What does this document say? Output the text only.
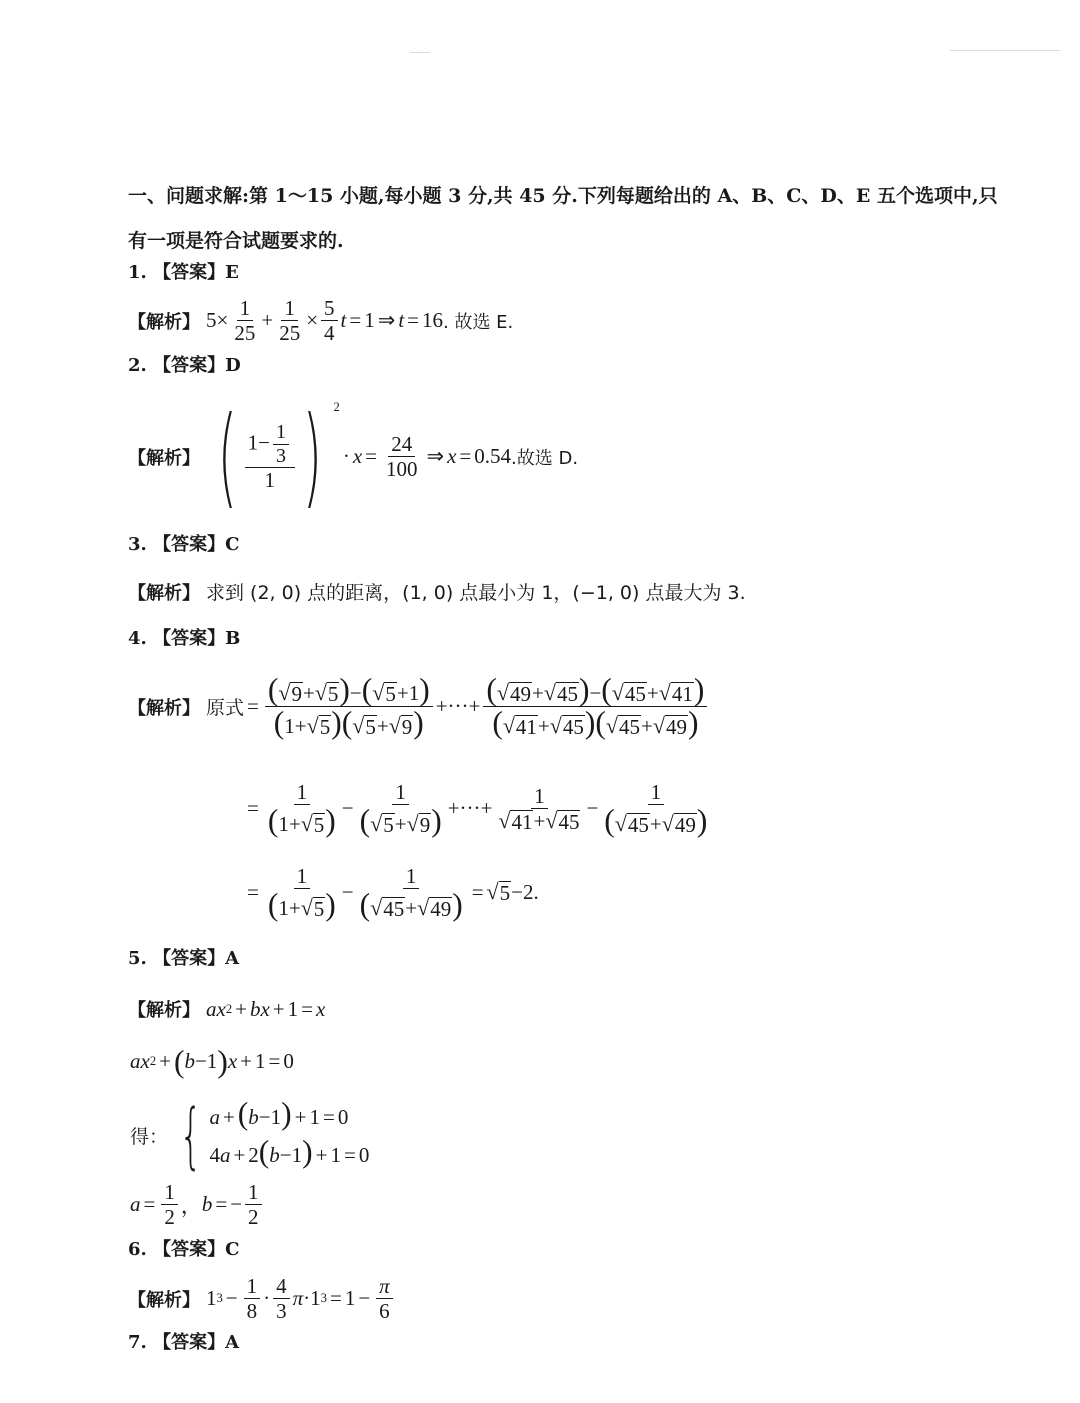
一、问题求解:第 1～15 小题,每小题 3 分,共 45 分.下列每题给出的 A、B、C、D、E 五个选项中,只
有一项是符合试题要求的.
1. 【答案】E
【解析】 $5\times \frac{1}{25} + \frac{1}{25} \times \frac{5}{4}$ t = 1 ⇒ t = 16 . 故选 E.
2. 【答案】D
【解析】 ( $\frac{1- \frac{1}{3}}{1}$ ) 2
· $x = \frac{24}{100}$ ⇒ x = 0.54 .故选 D.
3. 【答案】C
【解析】 求到 (2, 0) 点的距离，(1, 0) 点最小为 1，(−1, 0) 点最大为 3.
4. 【答案】B
【解析】 原式 = $\frac{( √ 9 + √ 5 )-( √ 5 +1)}{(1+ √ 5 )( √ 5 + √ 9 )}$ +···+ $\frac{( √ 49 + √ 45 )-( √ 45 + √ 41 )}{( √ 41 + √ 45 )( √ 45 + √ 49 )}$
= $\frac{1}{(1+ √ 5 )} - \frac{1}{( √ 5 + √ 9 )}$ +···+ $\frac{1}{√ 41 + √ 45} - \frac{1}{( √ 45 + √ 49 )}$
= $\frac{1}{(1+ √ 5 )} - \frac{1}{( √ 45 + √ 49 )}$ = √ 5 −2.
5. 【答案】A
【解析】 ax 2 + bx + 1 = x
ax 2 + ( b −1 ) x + 1 = 0
得： { a +(b−1) + 1 = 0
4a + 2(b−1) + 1 = 0
$a = \frac{1}{2}$ ， b = − $\frac{1}{2}$
6. 【答案】C
【解析】 1 $3 - \frac{1}{8} \cdot \frac{4}{3}$ π ·1 $3 = 1 - \frac{\pi}{6}$
7. 【答案】A
